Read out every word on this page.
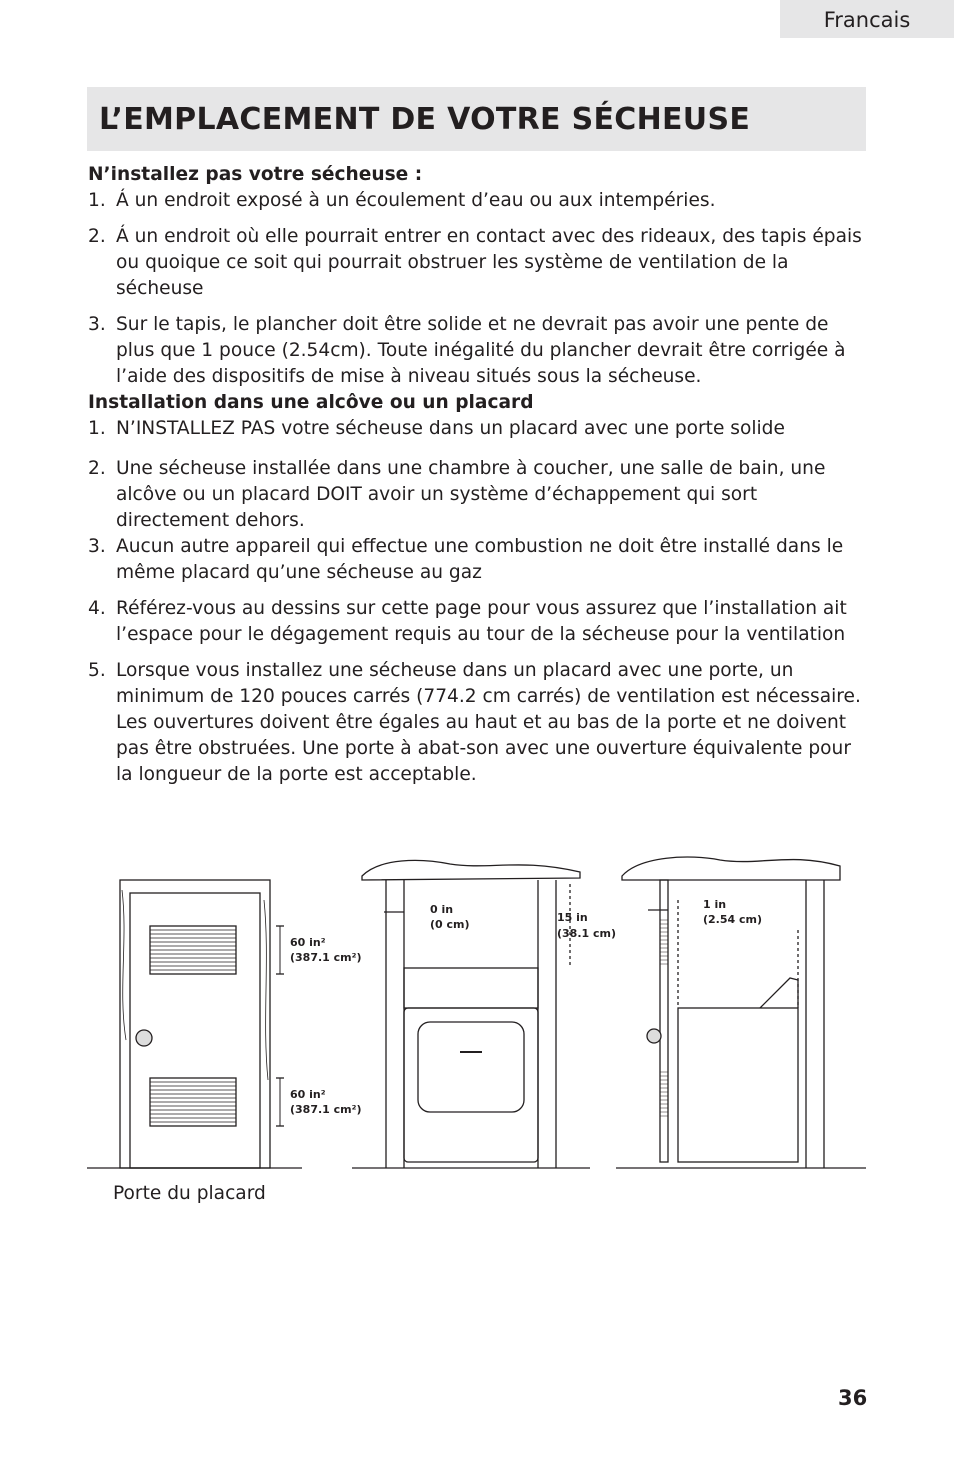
Francais
L’EMPLACEMENT DE VOTRE SÉCHEUSE
N’installez pas votre sécheuse :
1. Á un endroit exposé à un écoulement d’eau ou aux intempéries.
2. Á un endroit où elle pourrait entrer en contact avec des rideaux, des tapis épais ou quoique ce soit qui pourrait obstruer les système de ventilation de la sécheuse
3. Sur le tapis, le plancher doit être solide et ne devrait pas avoir une pente de plus que 1 pouce (2.54cm). Toute inégalité du plancher devrait être corrigée à l’aide des dispositifs de mise à niveau situés sous la sécheuse.
Installation dans une alcôve ou un placard
1. N’INSTALLEZ PAS votre sécheuse dans un placard avec une porte solide
2. Une sécheuse installée dans une chambre à coucher, une salle de bain, une alcôve ou un placard DOIT avoir un système d’échappement qui sort directement dehors.
3. Aucun autre appareil qui effectue une combustion ne doit être installé dans le même placard qu’une sécheuse au gaz
4. Référez-vous au dessins sur cette page pour vous assurez que l’installation ait l’espace pour le dégagement requis au tour de la sécheuse pour la ventilation
5. Lorsque vous installez une sécheuse dans un placard avec une porte, un minimum de 120 pouces carrés (774.2 cm carrés) de ventilation est nécessaire. Les ouvertures doivent être égales au haut et au bas de la porte et ne doivent pas être obstruées. Une porte à abat-son avec une ouverture équivalente pour la longueur de la porte est acceptable.
60 in²
(387.1 cm²)
60 in²
(387.1 cm²)
0 in
(0 cm)
15 in
(38.1 cm)
1 in
(2.54 cm)
Porte du placard
36
